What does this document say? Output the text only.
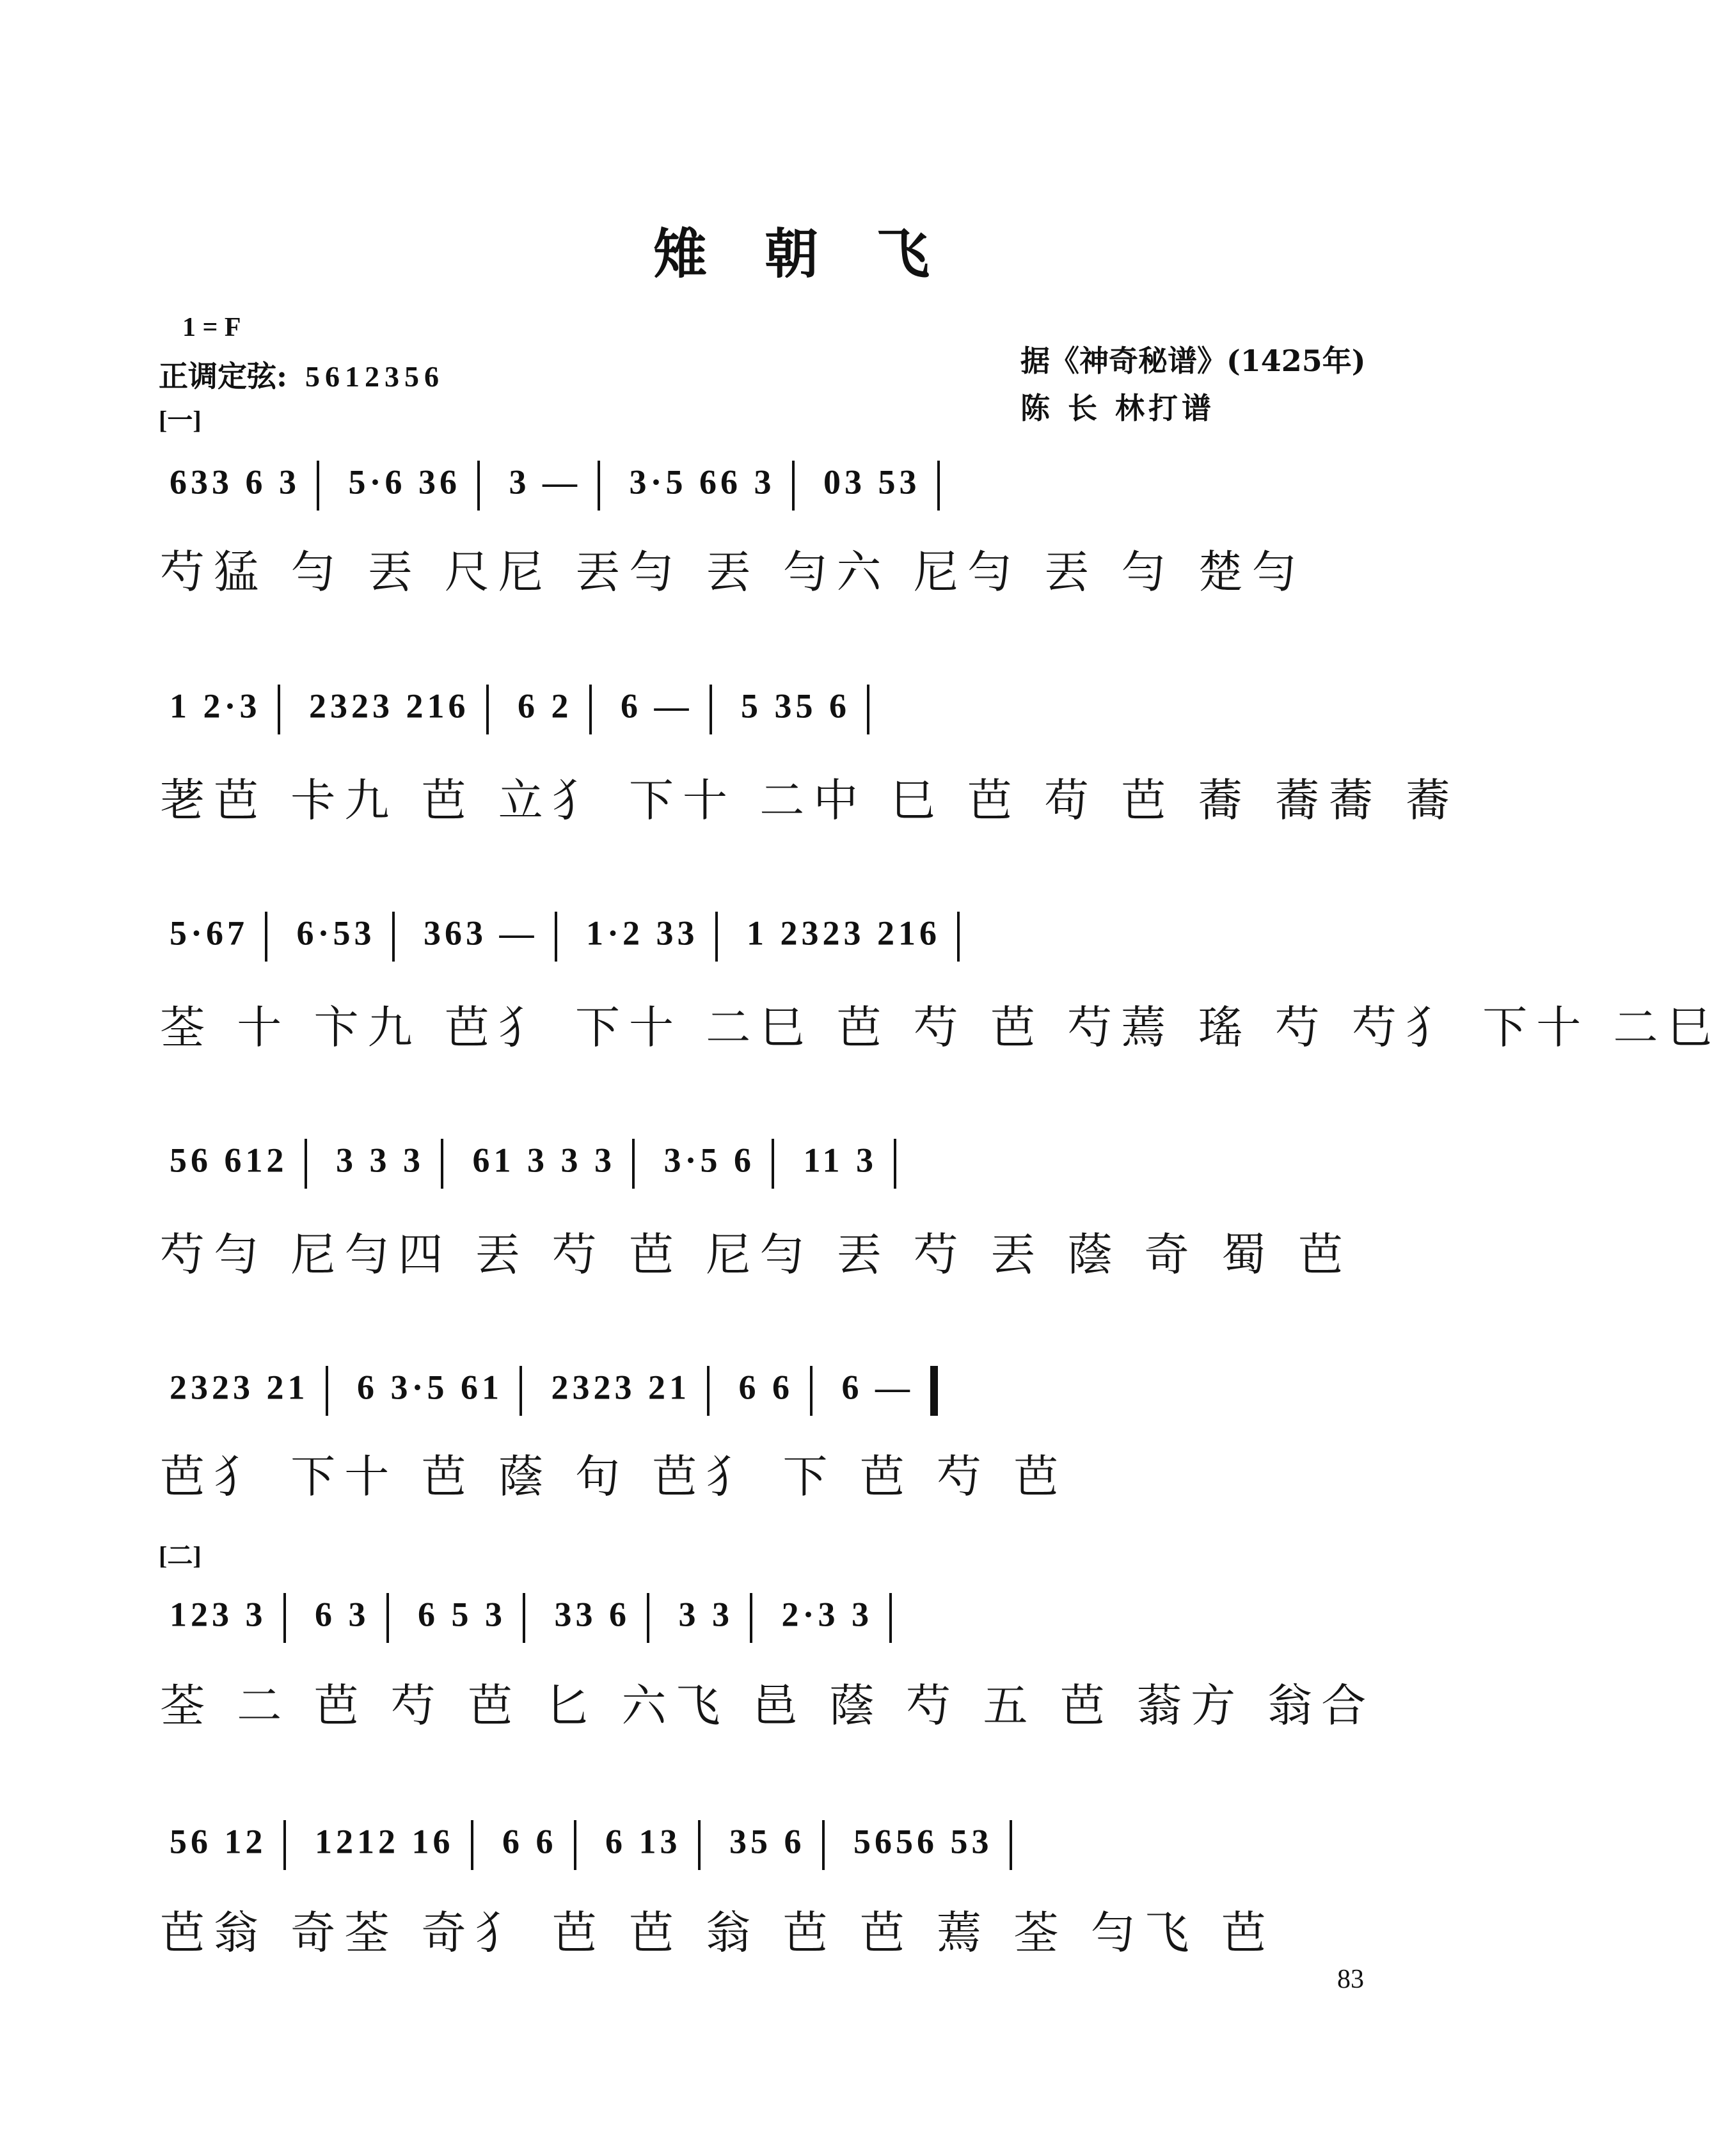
雉朝飞
1 = F
正调定弦: 5612356	据《神奇秘谱》(1425年)
陈 长 林打谱
[一]
633 6 3 5·6 36 3 — 3·5 66 3 03 53
芍猛 勻 丟 尺尼 丟勻 丟 勻六 尼勻 丟 勻 楚勻
1 2·3 2323 216 6 2 6 — 5 35 6
荖芭 卡九 芭 立犭 下十 二中 巳 芭 苟 芭 蕎 蕎蕎 蕎
5·67 6·53 363 — 1·2 33 1 2323 216
荃 十 卞九 芭犭 下十 二巳 芭 芍 芭 芍蔫 瑤 芍 芍犭 下十 二巳
56 612 3 3 3 61 3 3 3 3·5 6 11 3
芍勻 尼勻四 丟 芍 芭 尼勻 丟 芍 丟 蔭 奇 蜀 芭
2323 21 6 3·5 61 2323 21 6 6 6 —
芭犭 下十 芭 蔭 句 芭犭 下 芭 芍 芭
[二]
123 3 6 3 6 5 3 33 6 3 3 2·3 3
荃 二 芭 芍 芭 匕 六飞 邑 蔭 芍 五 芭 蓊方 翁合
56 12 1212 16 6 6 6 13 35 6 5656 53
芭翁 奇荃 奇犭 芭 芭 翁 芭 芭 蔫 荃 勻飞 芭
83
